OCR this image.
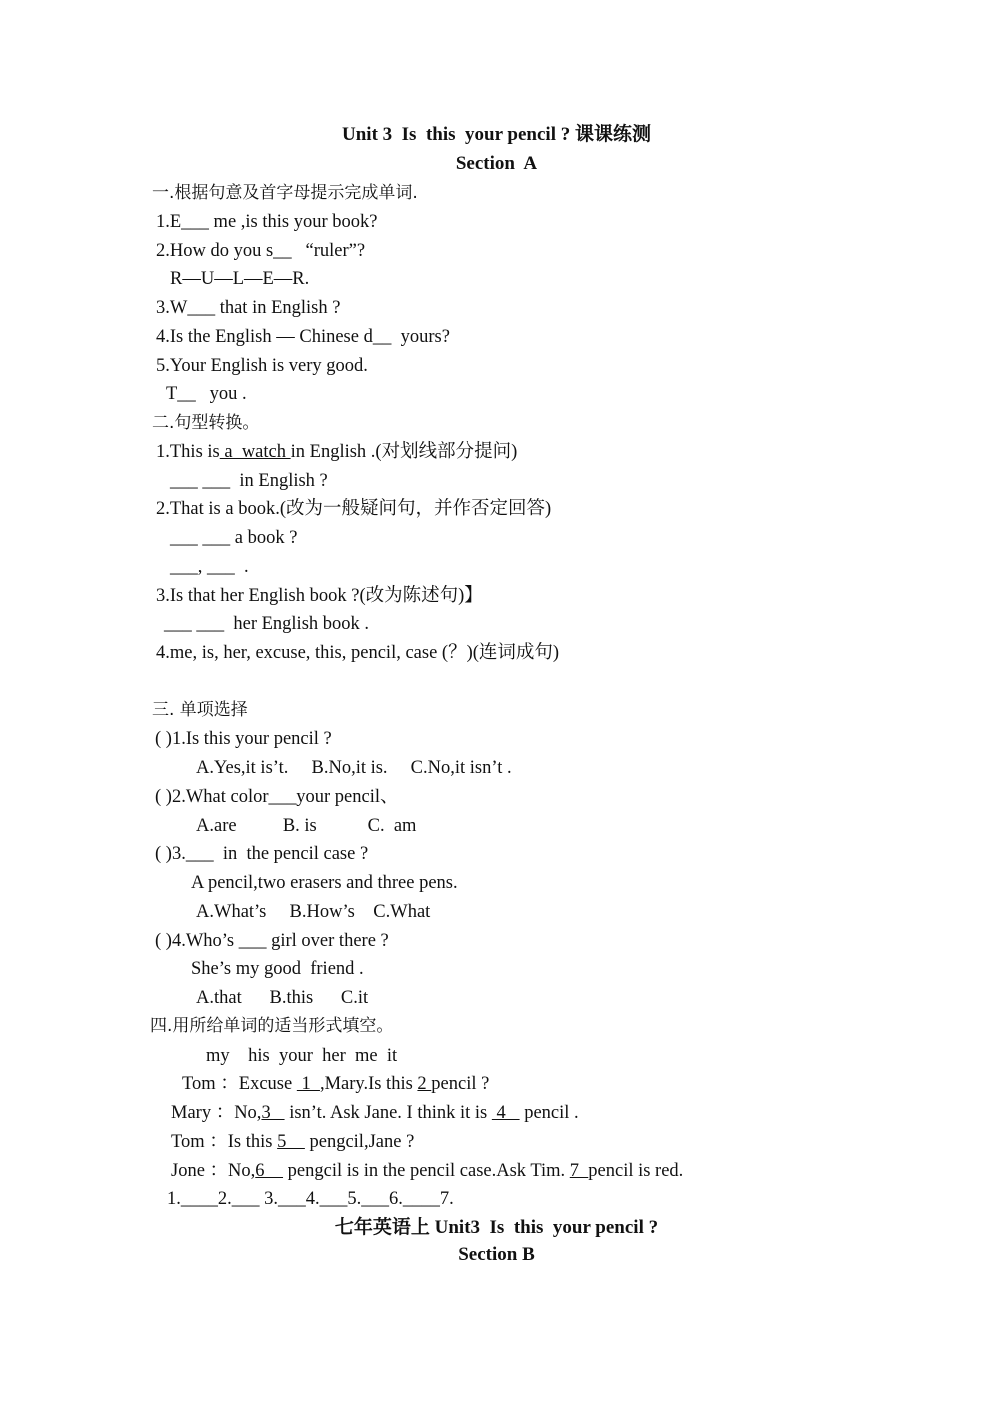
Unit 3  Is  this  your pencil ? 课课练测
Section  A
一.根据句意及首字母提示完成单词.
1.E___ me ,is this your book?
2.How do you s__   “ruler”?
R—U—L—E—R.
3.W___ that in English ?
4.Is the English — Chinese d__  yours?
5.Your English is very good.
T__   you .
二.句型转换。
1.This is a  watch in English .(对划线部分提问)
___ ___  in English ?
2.That is a book.(改为一般疑问句，并作否定回答)
___ ___ a book ?
___, ___  .
3.Is that her English book ?(改为陈述句)】
___ ___  her English book .
4.me, is, her, excuse, this, pencil, case (？)(连词成句)
三. 单项选择
( )1.Is this your pencil ?
A.Yes,it is’t.     B.No,it is.     C.No,it isn’t .
( )2.What color___your pencil、
A.are          B. is           C.  am
( )3.___  in  the pencil case ?
A pencil,two erasers and three pens.
A.What’s     B.How’s    C.What
( )4.Who’s ___ girl over there ?
She’s my good  friend .
A.that      B.this      C.it
四.用所给单词的适当形式填空。
my    his  your  her  me  it
Tom ：Excuse  1  ,Mary.Is this 2 pencil ?
Mary ：No,3    isn’t. Ask Jane. I think it is  4    pencil .
Tom ：Is this 5     pengcil,Jane ?
Jone ：No,6     pengcil is in the pencil case.Ask Tim. 7  pencil is red.
1.____2.___ 3.___4.___5.___6.____7.
七年英语上 Unit3  Is  this  your pencil ?
Section B
